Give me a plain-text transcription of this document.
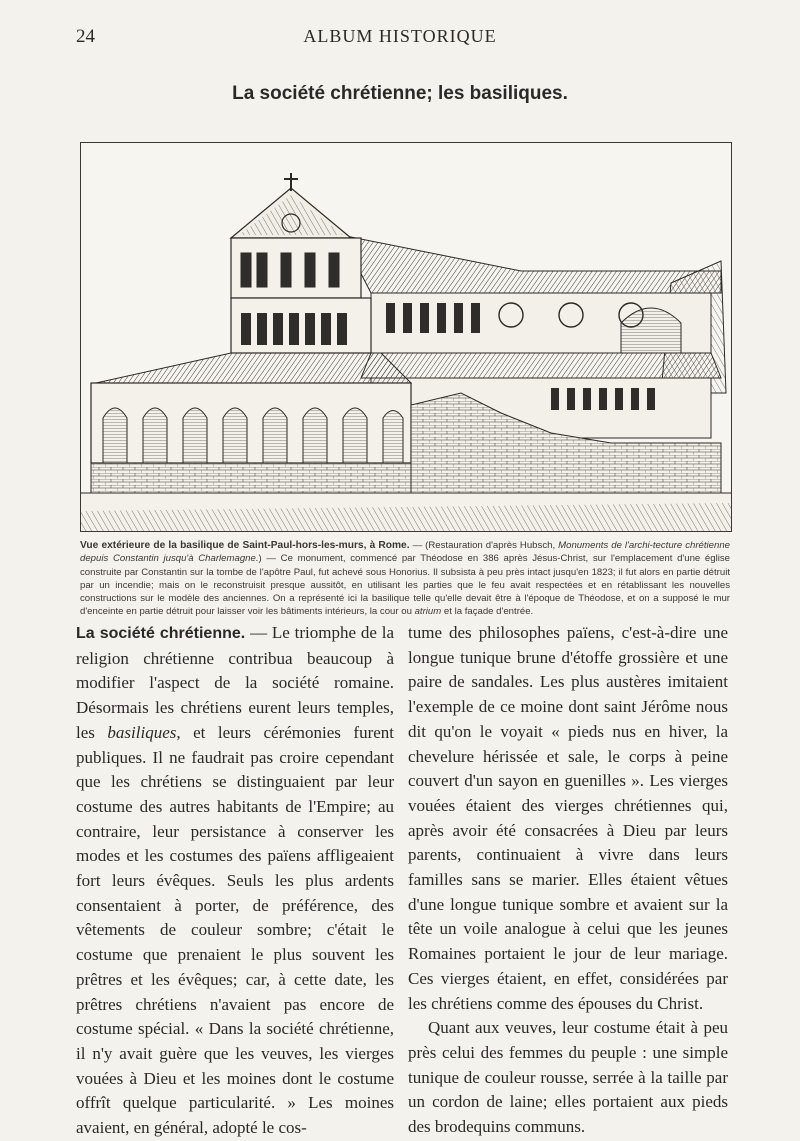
24	ALBUM HISTORIQUE
La société chrétienne; les basiliques.
Vue extérieure de la basilique de Saint-Paul-hors-les-murs, à Rome. — (Restauration d'après Hubsch, Monuments de l'archi-tecture chrétienne depuis Constantin jusqu'à Charlemagne.) — Ce monument, commencé par Théodose en 386 après Jésus-Christ, sur l'emplacement d'une église construite par Constantin sur la tombe de l'apôtre Paul, fut achevé sous Honorius. Il subsista à peu près intact jusqu'en 1823; il fut alors en partie détruit par un incendie; mais on le reconstruisit presque aussitôt, en utilisant les parties que le feu avait respectées et en rétablissant les nouvelles constructions sur le modèle des anciennes. On a représenté ici la basilique telle qu'elle devait être à l'époque de Théodose, et on a supposé le mur d'enceinte en partie détruit pour laisser voir les bâtiments intérieurs, la cour ou atrium et la façade d'entrée.

La société chrétienne. — Le triomphe de la religion chrétienne contribua beaucoup à modifier l'aspect de la société romaine. Désormais les chrétiens eurent leurs temples, les basiliques, et leurs cérémonies furent publiques. Il ne faudrait pas croire cependant que les chrétiens se distinguaient par leur costume des autres habitants de l'Empire; au contraire, leur persistance à conserver les modes et les costumes des païens affligeaient fort leurs évêques. Seuls les plus ardents consentaient à porter, de préférence, des vêtements de couleur sombre; c'était le costume que prenaient le plus souvent les prêtres et les évêques; car, à cette date, les prêtres chrétiens n'avaient pas encore de costume spécial. « Dans la société chrétienne, il n'y avait guère que les veuves, les vierges vouées à Dieu et les moines dont le costume offrît quelque particularité. » Les moines avaient, en général, adopté le cos-

tume des philosophes païens, c'est-à-dire une longue tunique brune d'étoffe grossière et une paire de sandales. Les plus austères imitaient l'exemple de ce moine dont saint Jérôme nous dit qu'on le voyait « pieds nus en hiver, la chevelure hérissée et sale, le corps à peine couvert d'un sayon en guenilles ». Les vierges vouées étaient des vierges chrétiennes qui, après avoir été consacrées à Dieu par leurs parents, continuaient à vivre dans leurs familles sans se marier. Elles étaient vêtues d'une longue tunique sombre et avaient sur la tête un voile analogue à celui que les jeunes Romaines portaient le jour de leur mariage. Ces vierges étaient, en effet, considérées par les chrétiens comme des épouses du Christ.

Quant aux veuves, leur costume était à peu près celui des femmes du peuple : une simple tunique de couleur rousse, serrée à la taille par un cordon de laine; elles portaient aux pieds des brodequins communs.
